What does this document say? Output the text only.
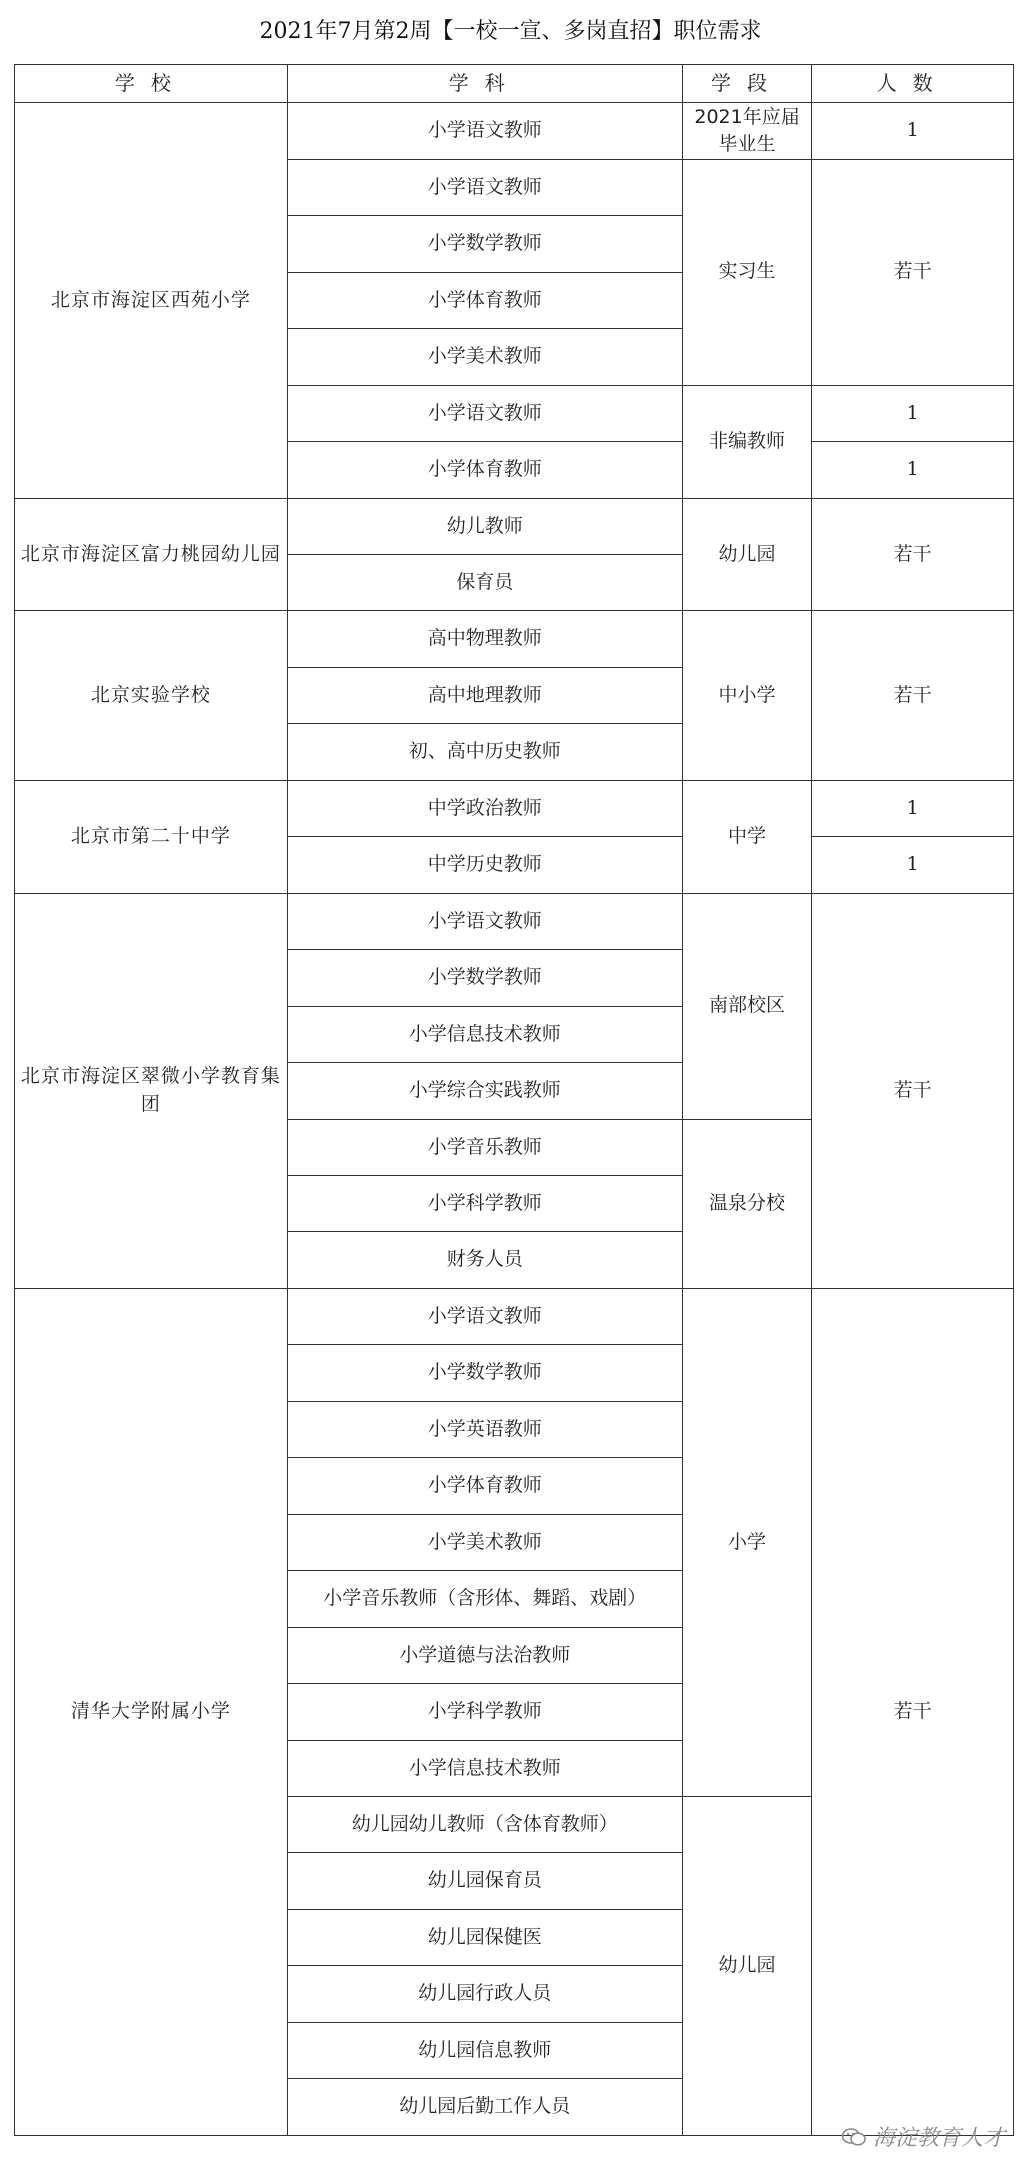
2021年7月第2周【一校一宣、多岗直招】职位需求
学校	学科	学段	人数
北京市海淀区西苑小学	小学语文教师	2021年应届毕业生	1
	小学语文教师	实习生	若干
	小学数学教师		
	小学体育教师		
	小学美术教师		
	小学语文教师	非编教师	1
	小学体育教师		1
北京市海淀区富力桃园幼儿园	幼儿教师	幼儿园	若干
	保育员		
北京实验学校	高中物理教师	中小学	若干
	高中地理教师		
	初、高中历史教师		
北京市第二十中学	中学政治教师	中学	1
	中学历史教师		1
北京市海淀区翠微小学教育集团	小学语文教师	南部校区	若干
	小学数学教师		
	小学信息技术教师		
	小学综合实践教师		
	小学音乐教师	温泉分校	
	小学科学教师		
	财务人员		
清华大学附属小学	小学语文教师	小学	若干
	小学数学教师		
	小学英语教师		
	小学体育教师		
	小学美术教师		
	小学音乐教师（含形体、舞蹈、戏剧）		
	小学道德与法治教师		
	小学科学教师		
	小学信息技术教师		
	幼儿园幼儿教师（含体育教师）	幼儿园	
	幼儿园保育员		
	幼儿园保健医		
	幼儿园行政人员		
	幼儿园信息教师		
	幼儿园后勤工作人员		
海淀教育人才
